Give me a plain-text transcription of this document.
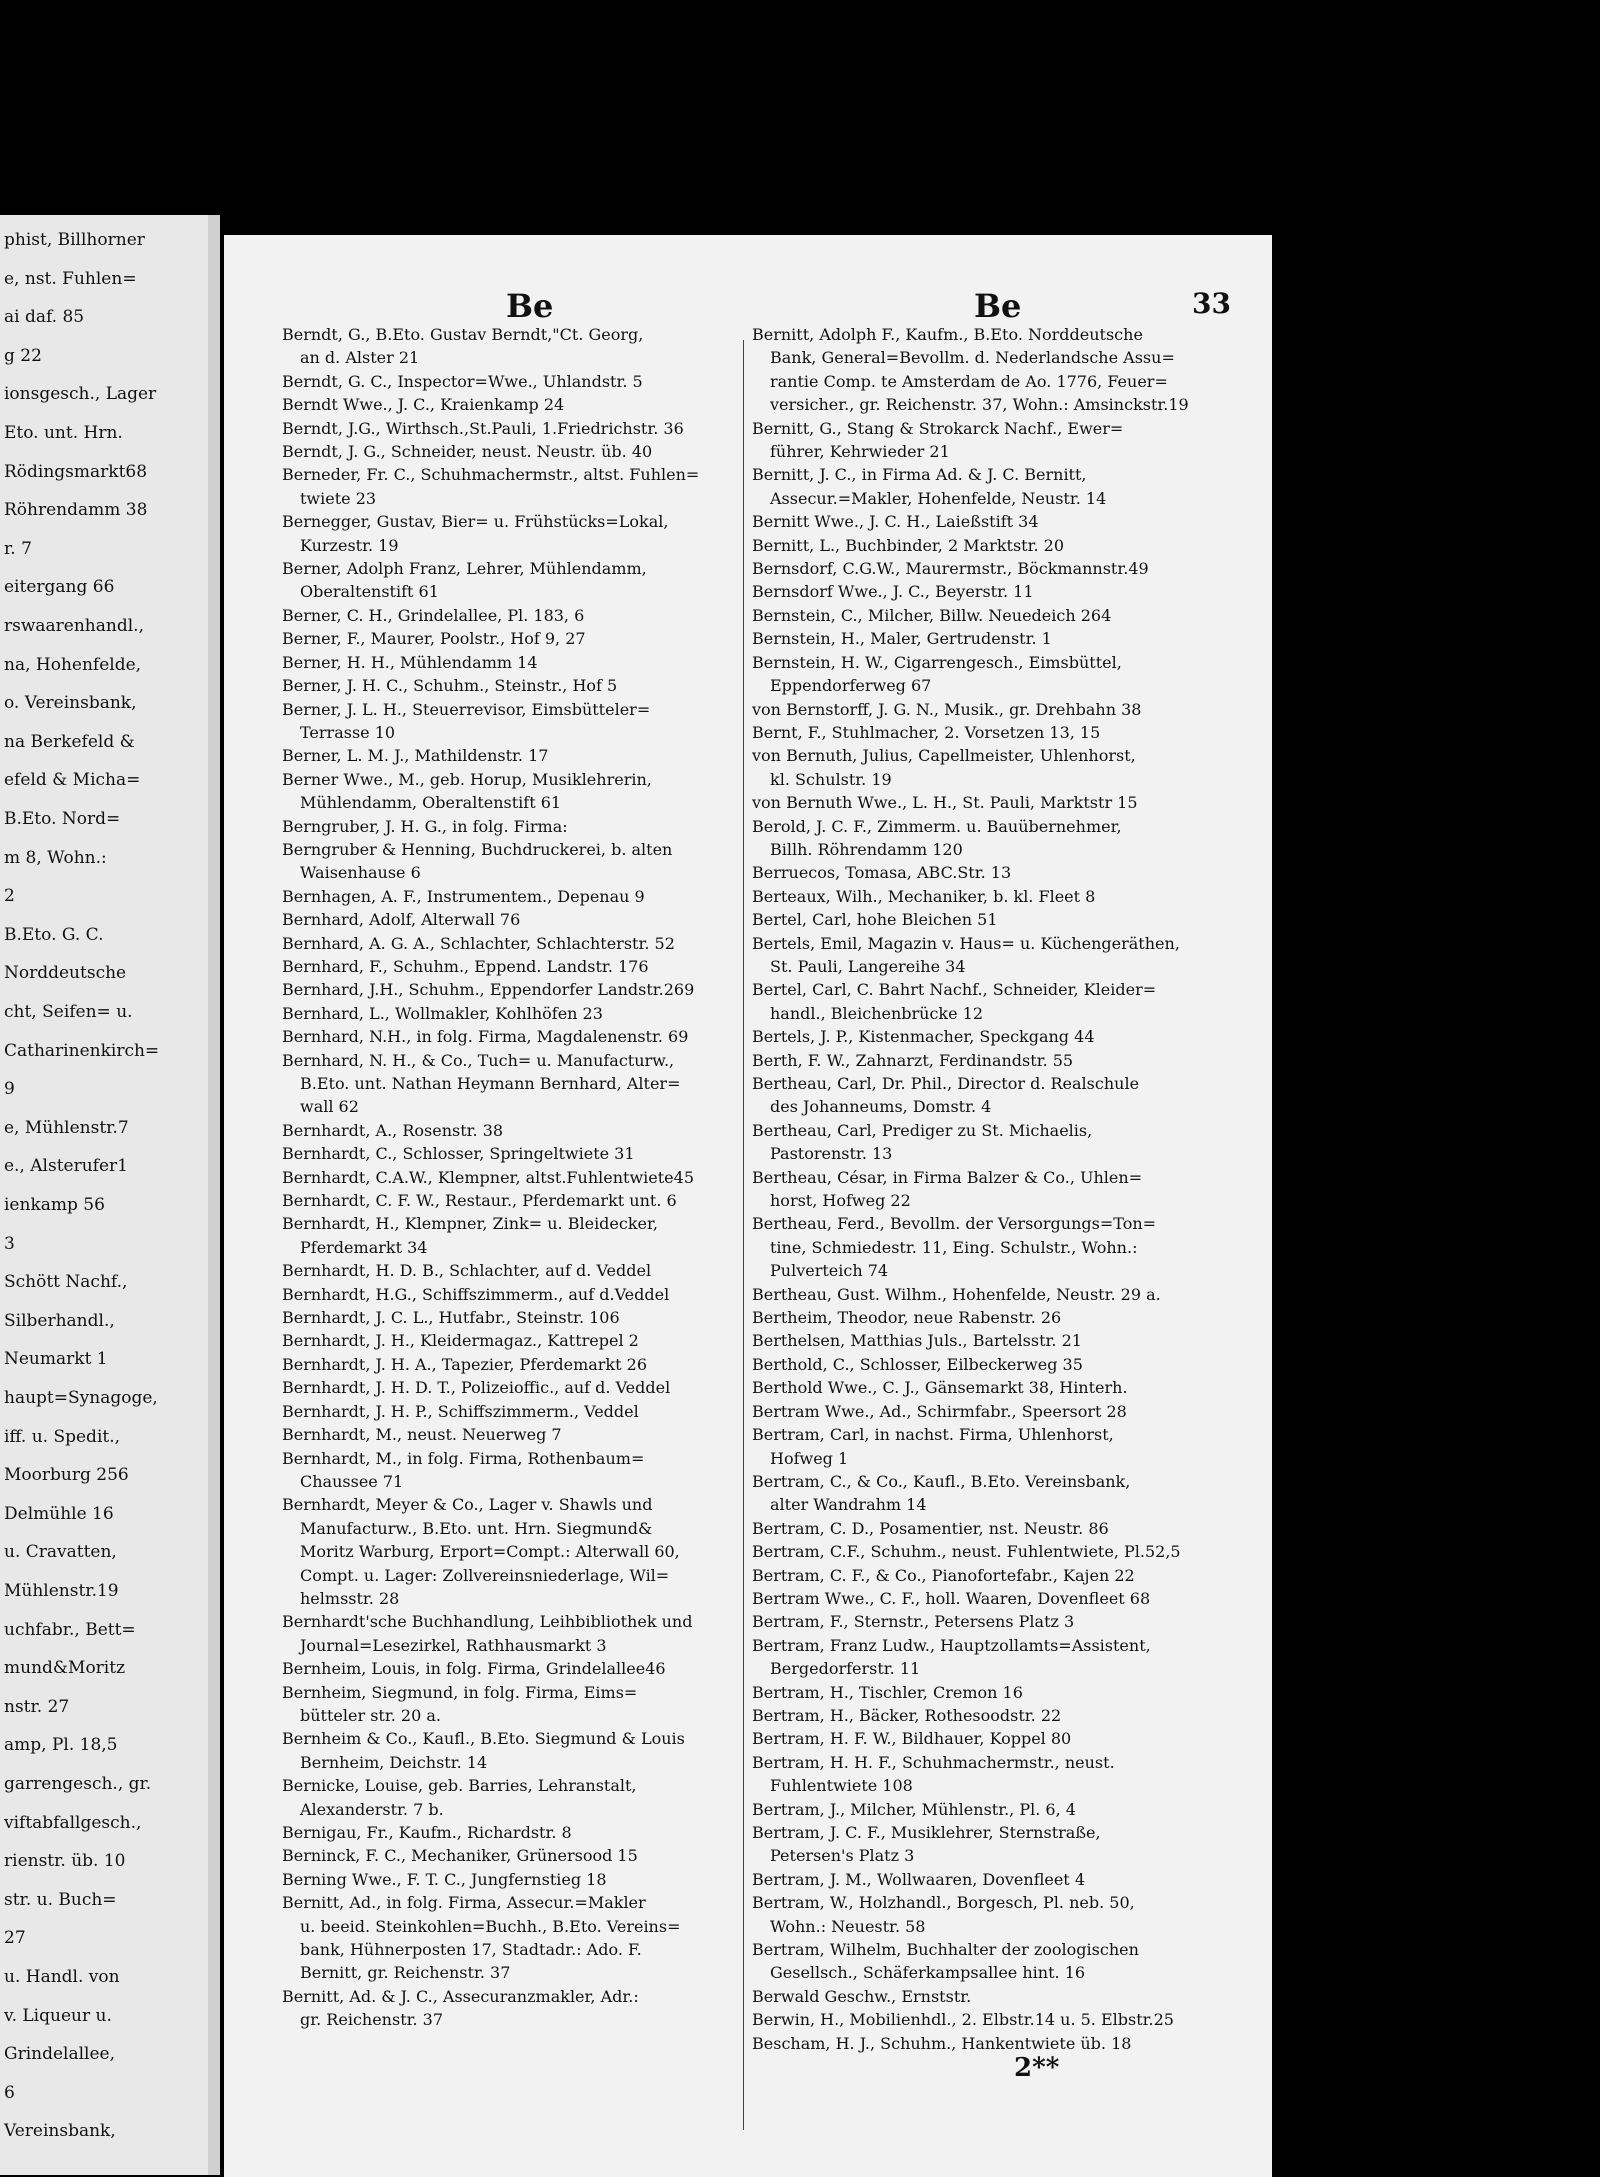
phist, Billhorner
e, nst. Fuhlen=
ai daf. 85
g 22
ionsgesch., Lager
Eto. unt. Hrn.
Rödingsmarkt68
Röhrendamm 38
r. 7
eitergang 66
rswaarenhandl.,
na, Hohenfelde,
o. Vereinsbank,
na Berkefeld &
efeld & Micha=
B.Eto. Nord=
m 8, Wohn.:
2
B.Eto. G. C.
Norddeutsche
cht, Seifen= u.
Catharinenkirch=
9
e, Mühlenstr.7
e., Alsterufer1
ienkamp 56
3
Schött Nachf.,
Silberhandl.,
Neumarkt 1
haupt=Synagoge,
iff. u. Spedit.,
Moorburg 256
Delmühle 16
u. Cravatten,
Mühlenstr.19
uchfabr., Bett=
mund&Moritz
nstr. 27
amp, Pl. 18,5
garrengesch., gr.
viftabfallgesch.,
rienstr. üb. 10
str. u. Buch=
27
u. Handl. von
v. Liqueur u.
Grindelallee,
6
Vereinsbank,
Be	Be	33
Berndt, G., B.Eto. Gustav Berndt,"Ct. Georg,
an d. Alster 21
Berndt, G. C., Inspector=Wwe., Uhlandstr. 5
Berndt Wwe., J. C., Kraienkamp 24
Berndt, J.G., Wirthsch.,St.Pauli, 1.Friedrichstr. 36
Berndt, J. G., Schneider, neust. Neustr. üb. 40
Berneder, Fr. C., Schuhmachermstr., altst. Fuhlen=
twiete 23
Bernegger, Gustav, Bier= u. Frühstücks=Lokal,
Kurzestr. 19
Berner, Adolph Franz, Lehrer, Mühlendamm,
Oberaltenstift 61
Berner, C. H., Grindelallee, Pl. 183, 6
Berner, F., Maurer, Poolstr., Hof 9, 27
Berner, H. H., Mühlendamm 14
Berner, J. H. C., Schuhm., Steinstr., Hof 5
Berner, J. L. H., Steuerrevisor, Eimsbütteler=
Terrasse 10
Berner, L. M. J., Mathildenstr. 17
Berner Wwe., M., geb. Horup, Musiklehrerin,
Mühlendamm, Oberaltenstift 61
Berngruber, J. H. G., in folg. Firma:
Berngruber & Henning, Buchdruckerei, b. alten
Waisenhause 6
Bernhagen, A. F., Instrumentem., Depenau 9
Bernhard, Adolf, Alterwall 76
Bernhard, A. G. A., Schlachter, Schlachterstr. 52
Bernhard, F., Schuhm., Eppend. Landstr. 176
Bernhard, J.H., Schuhm., Eppendorfer Landstr.269
Bernhard, L., Wollmakler, Kohlhöfen 23
Bernhard, N.H., in folg. Firma, Magdalenenstr. 69
Bernhard, N. H., & Co., Tuch= u. Manufacturw.,
B.Eto. unt. Nathan Heymann Bernhard, Alter=
wall 62
Bernhardt, A., Rosenstr. 38
Bernhardt, C., Schlosser, Springeltwiete 31
Bernhardt, C.A.W., Klempner, altst.Fuhlentwiete45
Bernhardt, C. F. W., Restaur., Pferdemarkt unt. 6
Bernhardt, H., Klempner, Zink= u. Bleidecker,
Pferdemarkt 34
Bernhardt, H. D. B., Schlachter, auf d. Veddel
Bernhardt, H.G., Schiffszimmerm., auf d.Veddel
Bernhardt, J. C. L., Hutfabr., Steinstr. 106
Bernhardt, J. H., Kleidermagaz., Kattrepel 2
Bernhardt, J. H. A., Tapezier, Pferdemarkt 26
Bernhardt, J. H. D. T., Polizeioffic., auf d. Veddel
Bernhardt, J. H. P., Schiffszimmerm., Veddel
Bernhardt, M., neust. Neuerweg 7
Bernhardt, M., in folg. Firma, Rothenbaum=
Chaussee 71
Bernhardt, Meyer & Co., Lager v. Shawls und
Manufacturw., B.Eto. unt. Hrn. Siegmund&
Moritz Warburg, Erport=Compt.: Alterwall 60,
Compt. u. Lager: Zollvereinsniederlage, Wil=
helmsstr. 28
Bernhardt'sche Buchhandlung, Leihbibliothek und
Journal=Lesezirkel, Rathhausmarkt 3
Bernheim, Louis, in folg. Firma, Grindelallee46
Bernheim, Siegmund, in folg. Firma, Eims=
bütteler str. 20 a.
Bernheim & Co., Kaufl., B.Eto. Siegmund & Louis
Bernheim, Deichstr. 14
Bernicke, Louise, geb. Barries, Lehranstalt,
Alexanderstr. 7 b.
Bernigau, Fr., Kaufm., Richardstr. 8
Berninck, F. C., Mechaniker, Grünersood 15
Berning Wwe., F. T. C., Jungfernstieg 18
Bernitt, Ad., in folg. Firma, Assecur.=Makler
u. beeid. Steinkohlen=Buchh., B.Eto. Vereins=
bank, Hühnerposten 17, Stadtadr.: Ado. F.
Bernitt, gr. Reichenstr. 37
Bernitt, Ad. & J. C., Assecuranzmakler, Adr.:
gr. Reichenstr. 37
Bernitt, Adolph F., Kaufm., B.Eto. Norddeutsche
Bank, General=Bevollm. d. Nederlandsche Assu=
rantie Comp. te Amsterdam de Ao. 1776, Feuer=
versicher., gr. Reichenstr. 37, Wohn.: Amsinckstr.19
Bernitt, G., Stang & Strokarck Nachf., Ewer=
führer, Kehrwieder 21
Bernitt, J. C., in Firma Ad. & J. C. Bernitt,
Assecur.=Makler, Hohenfelde, Neustr. 14
Bernitt Wwe., J. C. H., Laießstift 34
Bernitt, L., Buchbinder, 2 Marktstr. 20
Bernsdorf, C.G.W., Maurermstr., Böckmannstr.49
Bernsdorf Wwe., J. C., Beyerstr. 11
Bernstein, C., Milcher, Billw. Neuedeich 264
Bernstein, H., Maler, Gertrudenstr. 1
Bernstein, H. W., Cigarrengesch., Eimsbüttel,
Eppendorferweg 67
von Bernstorff, J. G. N., Musik., gr. Drehbahn 38
Bernt, F., Stuhlmacher, 2. Vorsetzen 13, 15
von Bernuth, Julius, Capellmeister, Uhlenhorst,
kl. Schulstr. 19
von Bernuth Wwe., L. H., St. Pauli, Marktstr 15
Berold, J. C. F., Zimmerm. u. Bauübernehmer,
Billh. Röhrendamm 120
Berruecos, Tomasa, ABC.Str. 13
Berteaux, Wilh., Mechaniker, b. kl. Fleet 8
Bertel, Carl, hohe Bleichen 51
Bertels, Emil, Magazin v. Haus= u. Küchengeräthen,
St. Pauli, Langereihe 34
Bertel, Carl, C. Bahrt Nachf., Schneider, Kleider=
handl., Bleichenbrücke 12
Bertels, J. P., Kistenmacher, Speckgang 44
Berth, F. W., Zahnarzt, Ferdinandstr. 55
Bertheau, Carl, Dr. Phil., Director d. Realschule
des Johanneums, Domstr. 4
Bertheau, Carl, Prediger zu St. Michaelis,
Pastorenstr. 13
Bertheau, César, in Firma Balzer & Co., Uhlen=
horst, Hofweg 22
Bertheau, Ferd., Bevollm. der Versorgungs=Ton=
tine, Schmiedestr. 11, Eing. Schulstr., Wohn.:
Pulverteich 74
Bertheau, Gust. Wilhm., Hohenfelde, Neustr. 29 a.
Bertheim, Theodor, neue Rabenstr. 26
Berthelsen, Matthias Juls., Bartelsstr. 21
Berthold, C., Schlosser, Eilbeckerweg 35
Berthold Wwe., C. J., Gänsemarkt 38, Hinterh.
Bertram Wwe., Ad., Schirmfabr., Speersort 28
Bertram, Carl, in nachst. Firma, Uhlenhorst,
Hofweg 1
Bertram, C., & Co., Kaufl., B.Eto. Vereinsbank,
alter Wandrahm 14
Bertram, C. D., Posamentier, nst. Neustr. 86
Bertram, C.F., Schuhm., neust. Fuhlentwiete, Pl.52,5
Bertram, C. F., & Co., Pianofortefabr., Kajen 22
Bertram Wwe., C. F., holl. Waaren, Dovenfleet 68
Bertram, F., Sternstr., Petersens Platz 3
Bertram, Franz Ludw., Hauptzollamts=Assistent,
Bergedorferstr. 11
Bertram, H., Tischler, Cremon 16
Bertram, H., Bäcker, Rothesoodstr. 22
Bertram, H. F. W., Bildhauer, Koppel 80
Bertram, H. H. F., Schuhmachermstr., neust.
Fuhlentwiete 108
Bertram, J., Milcher, Mühlenstr., Pl. 6, 4
Bertram, J. C. F., Musiklehrer, Sternstraße,
Petersen's Platz 3
Bertram, J. M., Wollwaaren, Dovenfleet 4
Bertram, W., Holzhandl., Borgesch, Pl. neb. 50,
Wohn.: Neuestr. 58
Bertram, Wilhelm, Buchhalter der zoologischen
Gesellsch., Schäferkampsallee hint. 16
Berwald Geschw., Ernststr.
Berwin, H., Mobilienhdl., 2. Elbstr.14 u. 5. Elbstr.25
Bescham, H. J., Schuhm., Hankentwiete üb. 18
2**
